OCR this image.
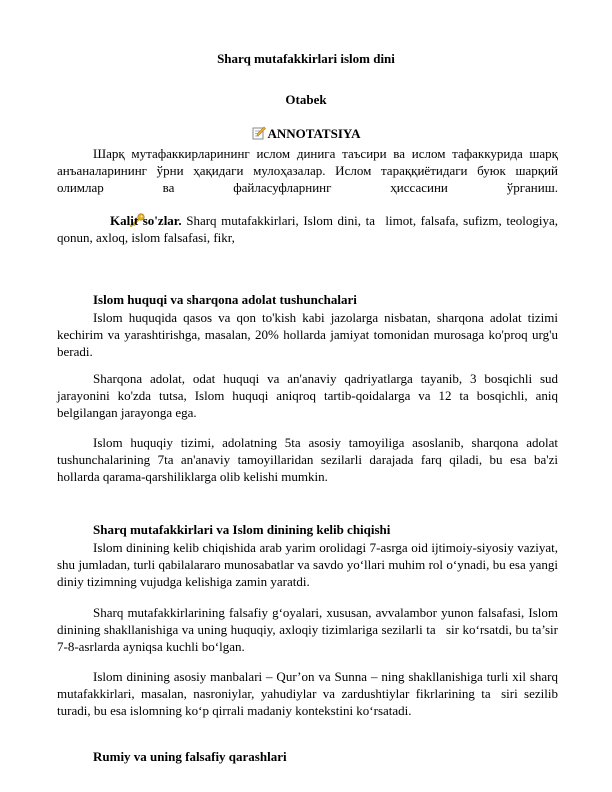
Sharq mutafakkirlari islom dini
Otabek
ANNOTATSIYA

Шарқ мутафаккирларининг ислом динига таъсири ва ислом тафаккурида шарқ анъаналарининг ўрни ҳақидаги мулоҳазалар. Ислом тараққиётидаги буюк шарқий олимлар ва файласуфларнинг ҳиссасини ўрганиш.

Kalit so'zlar. Sharq mutafakkirlari, Islom dini, talimot, falsafa, sufizm, teologiya, qonun, axloq, islom falsafasi, fikr,

Islom huquqi va sharqona adolat tushunchalari

Islom huquqida qasos va qon to'kish kabi jazolarga nisbatan, sharqona adolat tizimi kechirim va yarashtirishga, masalan, 20% hollarda jamiyat tomonidan murosaga ko'proq urg'u beradi.

Sharqona adolat, odat huquqi va an'anaviy qadriyatlarga tayanib, 3 bosqichli sud jarayonini ko'zda tutsa, Islom huquqi aniqroq tartib-qoidalarga va 12 ta bosqichli, aniq belgilangan jarayonga ega.

Islom huquqiy tizimi, adolatning 5ta asosiy tamoyiliga asoslanib, sharqona adolat tushunchalarining 7ta an'anaviy tamoyillaridan sezilarli darajada farq qiladi, bu esa ba'zi hollarda qarama-qarshiliklarga olib kelishi mumkin.

Sharq mutafakkirlari va Islom dinining kelib chiqishi

Islom dinining kelib chiqishida arab yarim orolidagi 7-asrga oid ijtimoiy-siyosiy vaziyat, shu jumladan, turli qabilalararo munosabatlar va savdo yo‘llari muhim rol o‘ynadi, bu esa yangi diniy tizimning vujudga kelishiga zamin yaratdi.

Sharq mutafakkirlarining falsafiy g‘oyalari, xususan, avvalambor yunon falsafasi, Islom dinining shakllanishiga va uning huquqiy, axloqiy tizimlariga sezilarli tasir ko‘rsatdi, bu ta’sir 7-8-asrlarda ayniqsa kuchli bo‘lgan.

Islom dinining asosiy manbalari – Qur’on va Sunna – ning shakllanishiga turli xil sharq mutafakkirlari, masalan, nasroniylar, yahudiylar va zardushtiylar fikrlarining tasiri sezilib turadi, bu esa islomning ko‘p qirrali madaniy kontekstini ko‘rsatadi.

Rumiy va uning falsafiy qarashlari
